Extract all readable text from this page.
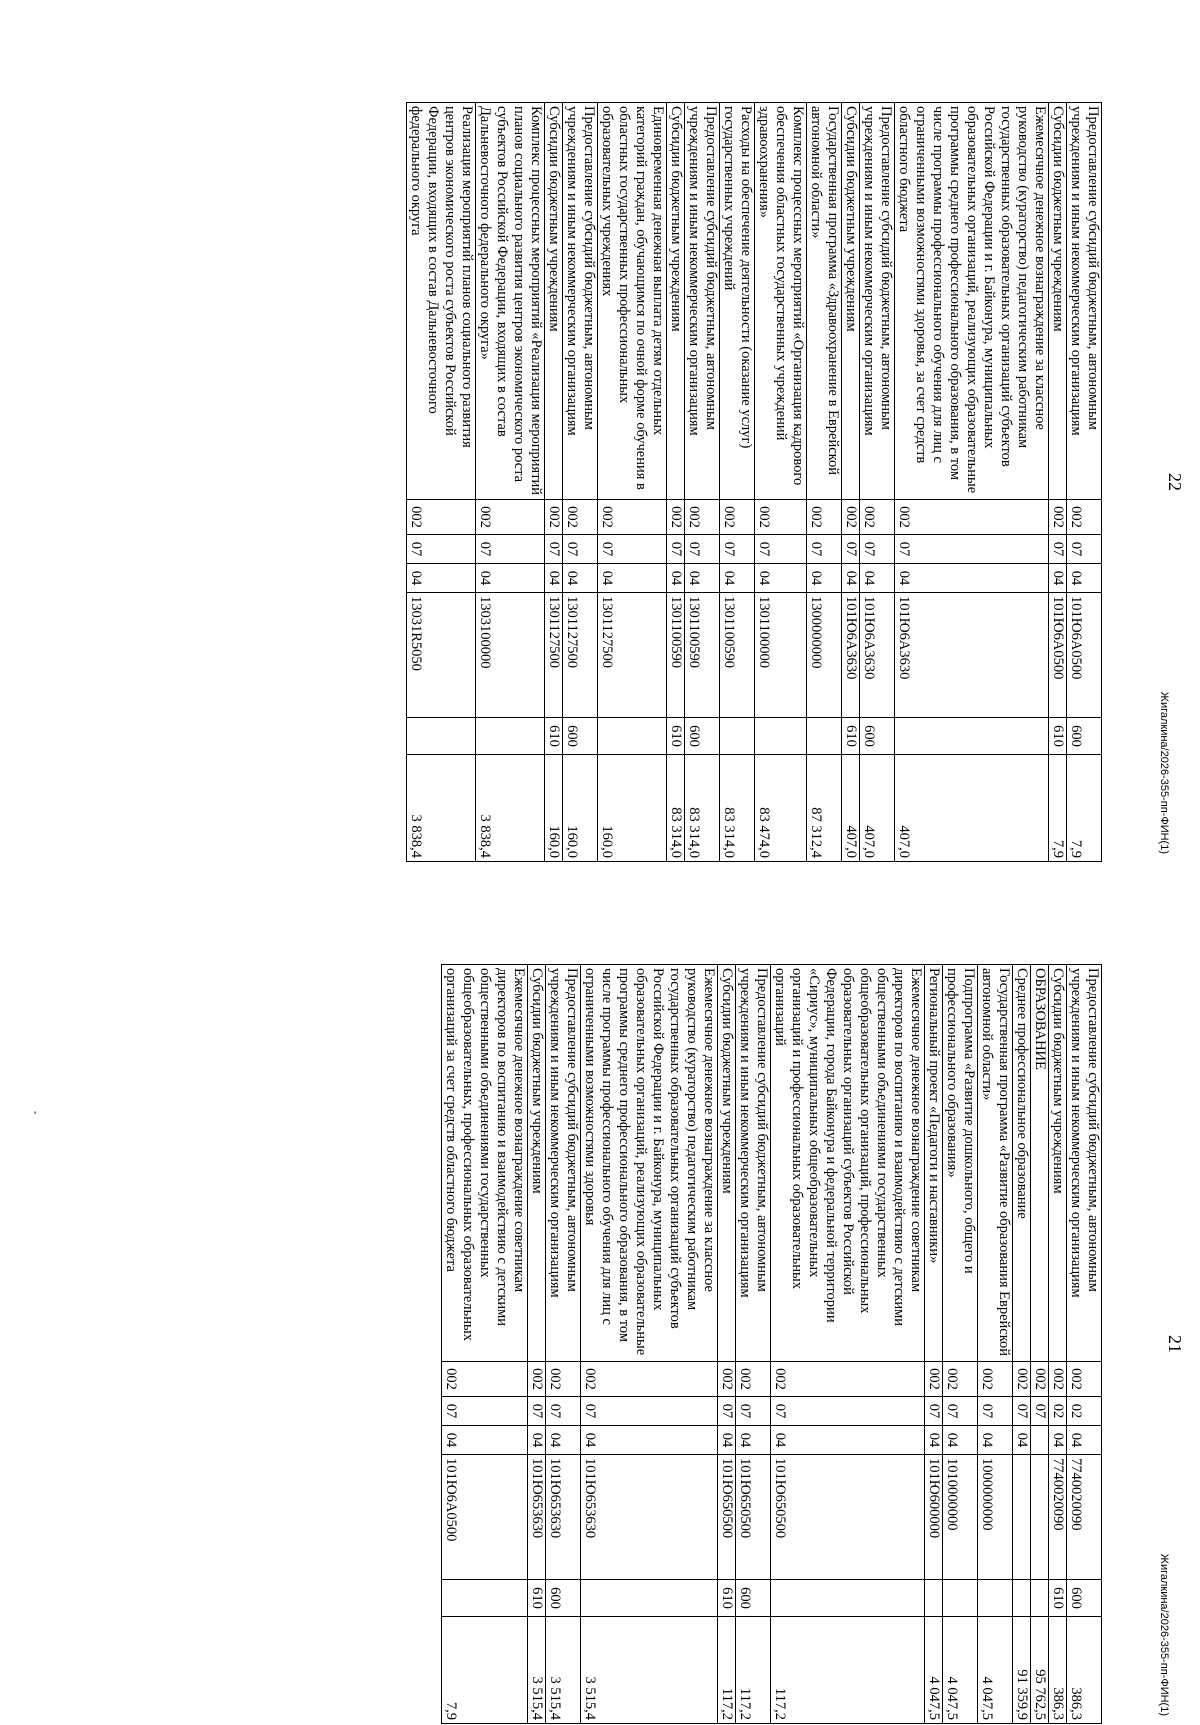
'
22
Жигалкина/2026-355-пп-ФИН(1)
Предоставление субсидий бюджетным, автономным учреждениям и иным некоммерческим организациям	002	07	04	101Ю6А0500	600	7,9
Субсидии бюджетным учреждениям	002	07	04	101Ю6А0500	610	7,9
Ежемесячное денежное вознаграждение за классное руководство (кураторство) педагогическим работникам государственных образовательных организаций субъектов Российской Федерации и г. Байконура, муниципальных образовательных организаций, реализующих образовательные программы среднего профессионального образования, в том числе программы профессионального обучения для лиц с ограниченными возможностями здоровья, за счет средств областного бюджета	002	07	04	101Ю6А3630		407,0
Предоставление субсидий бюджетным, автономным учреждениям и иным некоммерческим организациям	002	07	04	101Ю6А3630	600	407,0
Субсидии бюджетным учреждениям	002	07	04	101Ю6А3630	610	407,0
Государственная программа «Здравоохранение в Еврейской автономной области»	002	07	04	1300000000		87 312,4
Комплекс процессных мероприятий «Организация кадрового обеспечения областных государственных учреждений здравоохранения»	002	07	04	1301100000		83 474,0
Расходы на обеспечение деятельности (оказание услуг) государственных учреждений	002	07	04	1301100590		83 314,0
Предоставление субсидий бюджетным, автономным учреждениям и иным некоммерческим организациям	002	07	04	1301100590	600	83 314,0
Субсидии бюджетным учреждениям	002	07	04	1301100590	610	83 314,0
Единовременная денежная выплата детям отдельных категорий граждан, обучающимся по очной форме обучения в областных государственных профессиональных образовательных учреждениях	002	07	04	1301127500		160,0
Предоставление субсидий бюджетным, автономным учреждениям и иным некоммерческим организациям	002	07	04	1301127500	600	160,0
Субсидии бюджетным учреждениям	002	07	04	1301127500	610	160,0
Комплекс процессных мероприятий «Реализация мероприятий планов социального развития центров экономического роста субъектов Российской Федерации, входящих в состав Дальневосточного федерального округа»	002	07	04	1303100000		3 838,4
Реализация мероприятий планов социального развития центров экономического роста субъектов Российской Федерации, входящих в состав Дальневосточного федерального округа	002	07	04	13031R5050		3 838,4
21
Жигалкина/2026-355-пп-ФИН(1)
Предоставление субсидий бюджетным, автономным учреждениям и иным некоммерческим организациям	002	02	04	7740020090	600	386,3
Субсидии бюджетным учреждениям	002	02	04	7740020090	610	386,3
ОБРАЗОВАНИЕ	002	07				95 762,5
Среднее профессиональное образование	002	07	04			91 359,9
Государственная программа «Развитие образования Еврейской автономной области»	002	07	04	1000000000		4 047,5
Подпрограмма «Развитие дошкольного, общего и профессионального образования»	002	07	04	1010000000		4 047,5
Региональный проект «Педагоги и наставники»	002	07	04	101Ю600000		4 047,5
Ежемесячное денежное вознаграждение советникам директоров по воспитанию и взаимодействию с детскими общественными объединениями государственных общеобразовательных организаций, профессиональных образовательных организаций субъектов Российской Федерации, города Байконура и федеральной территории «Сириус», муниципальных общеобразовательных организаций и профессиональных образовательных организаций	002	07	04	101Ю650500		117,2
Предоставление субсидий бюджетным, автономным учреждениям и иным некоммерческим организациям	002	07	04	101Ю650500	600	117,2
Субсидии бюджетным учреждениям	002	07	04	101Ю650500	610	117,2
Ежемесячное денежное вознаграждение за классное руководство (кураторство) педагогическим работникам государственных образовательных организаций субъектов Российской Федерации и г. Байконура, муниципальных образовательных организаций, реализующих образовательные программы среднего профессионального образования, в том числе программы профессионального обучения для лиц с ограниченными возможностями здоровья	002	07	04	101Ю653630		3 515,4
Предоставление субсидий бюджетным, автономным учреждениям и иным некоммерческим организациям	002	07	04	101Ю653630	600	3 515,4
Субсидии бюджетным учреждениям	002	07	04	101Ю653630	610	3 515,4
Ежемесячное денежное вознаграждение советникам директоров по воспитанию и взаимодействию с детскими общественными объединениями государственных общеобразовательных, профессиональных образовательных организаций за счет средств областного бюджета	002	07	04	101Ю6А0500		7,9
